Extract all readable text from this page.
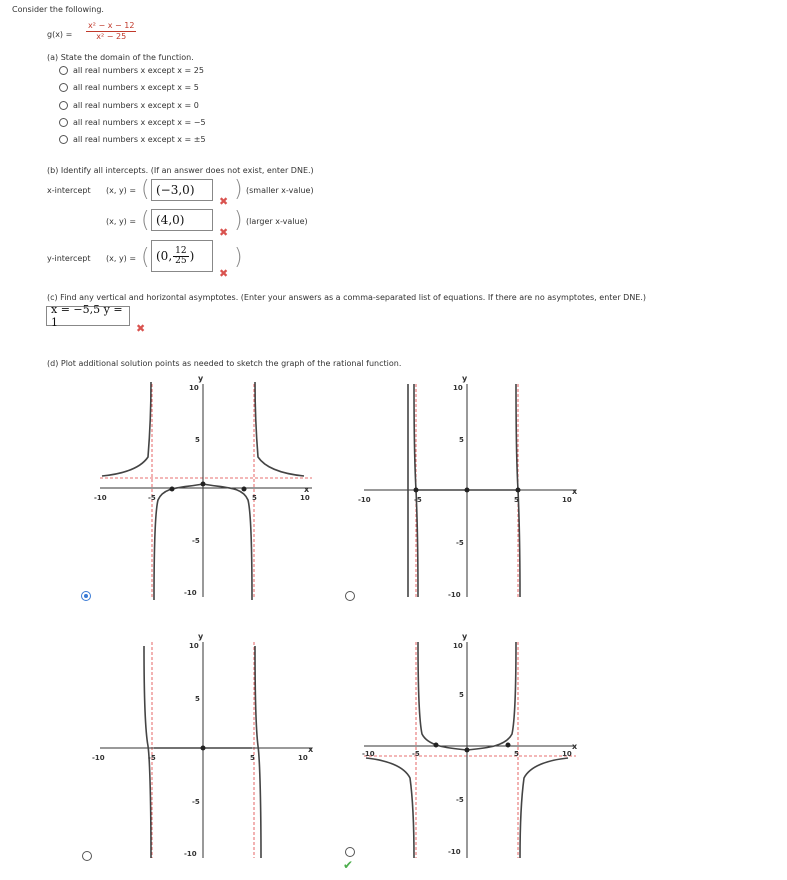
Consider the following.
$g(x) = \frac{\text{x² − x − 12}}{\text{x² − 25}}$
(a) State the domain of the function.
all real numbers x except x = 25
all real numbers x except x = 5
all real numbers x except x = 0
all real numbers x except x = −5
all real numbers x except x = ±5
(b) Identify all intercepts. (If an answer does not exist, enter DNE.)
x-intercept (x, y) = ( (−3,0)	) (smaller x-value)
✖
(x, y) = ( (4,0)	) (larger x-value)
✖
y-intercept (x, y) = ( (0, $\frac{12}{25}$ ) )
✖
(c) Find any vertical and horizontal asymptotes. (Enter your answers as a comma-separated list of equations. If there are no asymptotes, enter DNE.)
x = −5,5 y = 1	✖
(d) Plot additional solution points as needed to sketch the graph of the rational function.
y
x
10
5
-5
-10
-10	-5	5	10
y
x
10
5
-5
-10
-10	-5	5	10
y
x
10
5
-5
-10
-10	-5	5	10
y
x
10
5
-5
-10
-10	-5	5	10
✔
